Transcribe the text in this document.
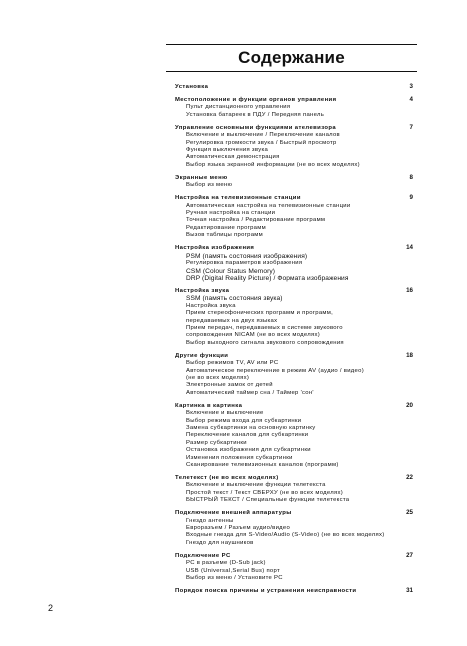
Содержание
Установка	3
Местоположение и функции органов управления	4
Пульт дистанционного управления
Установка батареек в ПДУ / Передняя панель
Управление основными функциями ателевизора	7
Включение и выключение / Переключение каналов
Регулировка громкости звука / Быстрый просмотр
Функция выключения звука
Автоматическая демонстрация
Выбор языка экранной информации (не во всех моделях)
Экранные меню	8
Выбор из меню
Настройка на телевизионные станции	9
Автоматическая настройка на телевизионные станции
Ручная настройка на станции
Точная настройка / Редактирование программ
Редактирование программ
Вызов таблицы программ
Настройка изображения	14
PSM (память состояния изображения)
Регулировка параметров изображения
CSM (Colour Status Memory)
DRP (Digital Reality Picture) / Формата изображения
Настройка звука	16
SSM (память состояния звука)
Настройка звука
Прием стереофонических программ и программ,
передаваемых на двух языках
Прием передач, передаваемых в системе звукового
сопровождения NICAM (не во всех моделях)
Выбор выходного сигнала звукового сопровождения
Другие функции	18
Выбор режимов TV, AV или PC
Автоматическое переключение в режим AV (аудио / видео)
(не во всех моделях)
Электронные замок от детей
Автоматический таймер сна / Таймер 'сон'
Картинка в картинка	20
Включение и выключение
Выбор режима входа для субкартинки
Замена субкартинки на основную картинку
Переключение каналов для субкартинки
Размер субкартинки
Остановка изображения для субкартинки
Изменения положения субкартинки
Сканирование телевизионных каналов (программ)
Телетекст (не во всех моделях)	22
Включение и выключение функции телетекста
Простой текст / Текст СВЕРХУ (не во всех моделях)
БЫСТРЫЙ ТЕКСТ / Специальные функции телетекста
Подключение внешней аппаратуры	25
Гнездо антенны
Евроразъем / Разъем аудио/видео
Входные гнезда для S-Video/Audio (S-Video) (не во всех моделях)
Гнездо для наушников
Подключение PC	27
PC в разъеме (D-Sub jack)
USB (Universal,Serial Bus) порт
Выбор из меню / Установите PC
Порядок поиска причины и устранения неисправности	31
2
